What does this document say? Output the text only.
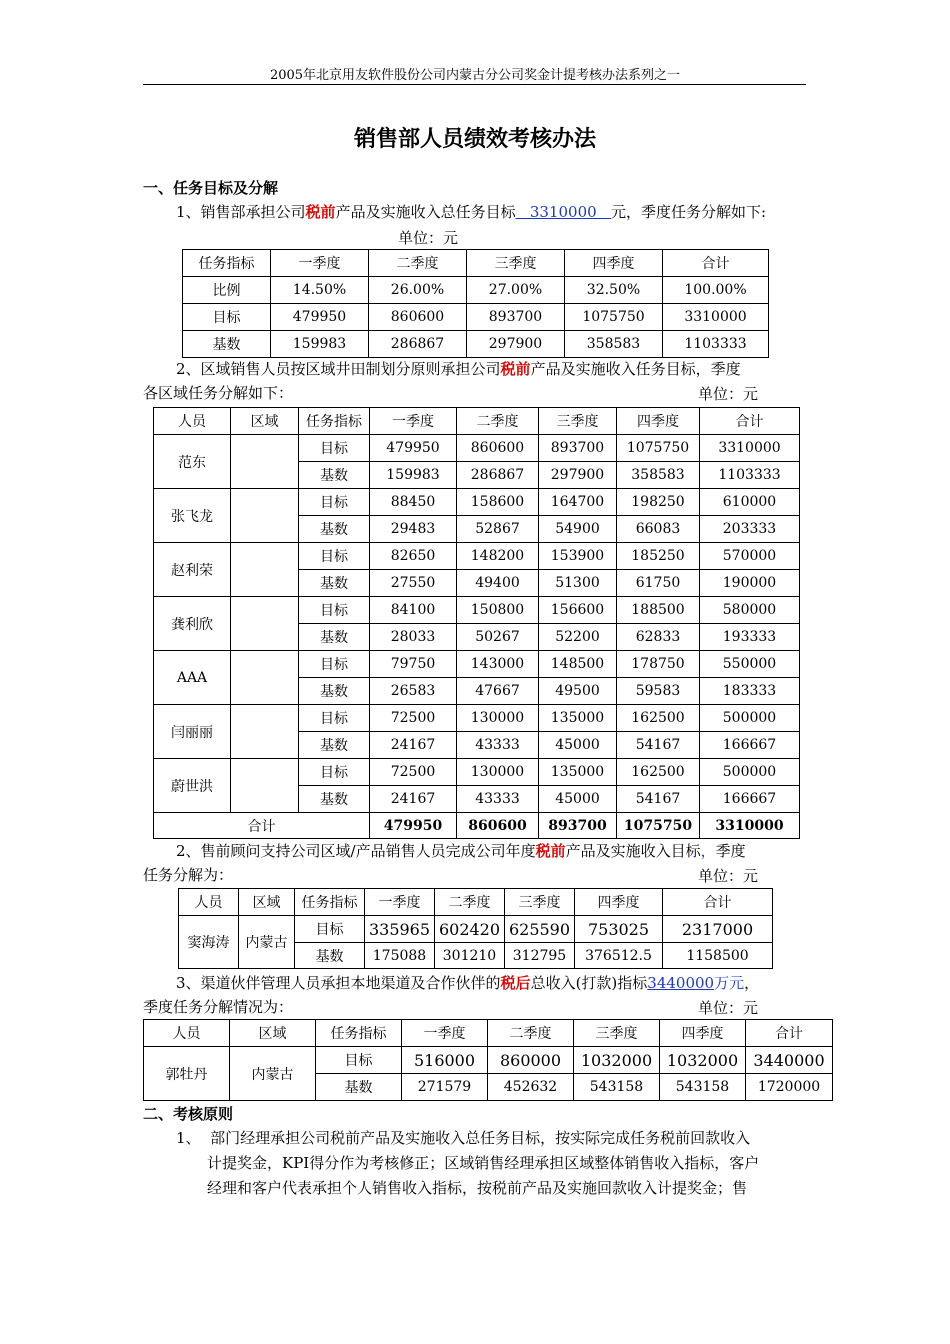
2005年北京用友软件股份公司内蒙古分公司奖金计提考核办法系列之一
销售部人员绩效考核办法
一、任务目标及分解
1、销售部承担公司税前产品及实施收入总任务目标   3310000   元，季度任务分解如下:
单位：元
任务指标	一季度	二季度	三季度	四季度	合计
比例	14.50%	26.00%	27.00%	32.50%	100.00%
目标	479950	860600	893700	1075750	3310000
基数	159983	286867	297900	358583	1103333
2、区域销售人员按区域井田制划分原则承担公司税前产品及实施收入任务目标，季度
各区域任务分解如下：	单位：元
人员	区域	任务指标	一季度	二季度	三季度	四季度	合计
范东		目标	479950	860600	893700	1075750	3310000
		基数	159983	286867	297900	358583	1103333
张飞龙		目标	88450	158600	164700	198250	610000
		基数	29483	52867	54900	66083	203333
赵利荣		目标	82650	148200	153900	185250	570000
		基数	27550	49400	51300	61750	190000
龚利欣		目标	84100	150800	156600	188500	580000
		基数	28033	50267	52200	62833	193333
AAA		目标	79750	143000	148500	178750	550000
		基数	26583	47667	49500	59583	183333
闫丽丽		目标	72500	130000	135000	162500	500000
		基数	24167	43333	45000	54167	166667
蔚世洪		目标	72500	130000	135000	162500	500000
		基数	24167	43333	45000	54167	166667
合计			479950	860600	893700	1075750	3310000
2、售前顾问支持公司区域/产品销售人员完成公司年度税前产品及实施收入目标，季度
任务分解为：	单位：元
人员	区域	任务指标	一季度	二季度	三季度	四季度	合计
窦海涛	内蒙古	目标	335965	602420	625590	753025	2317000
		基数	175088	301210	312795	376512.5	1158500
3、渠道伙伴管理人员承担本地渠道及合作伙伴的税后总收入(打款)指标3440000万元，
季度任务分解情况为：	单位：元
人员	区域	任务指标	一季度	二季度	三季度	四季度	合计
郭牡丹	内蒙古	目标	516000	860000	1032000	1032000	3440000
		基数	271579	452632	543158	543158	1720000
二、考核原则
1、  部门经理承担公司税前产品及实施收入总任务目标，按实际完成任务税前回款收入
计提奖金，KPI得分作为考核修正；区域销售经理承担区域整体销售收入指标，客户
经理和客户代表承担个人销售收入指标，按税前产品及实施回款收入计提奖金；售
